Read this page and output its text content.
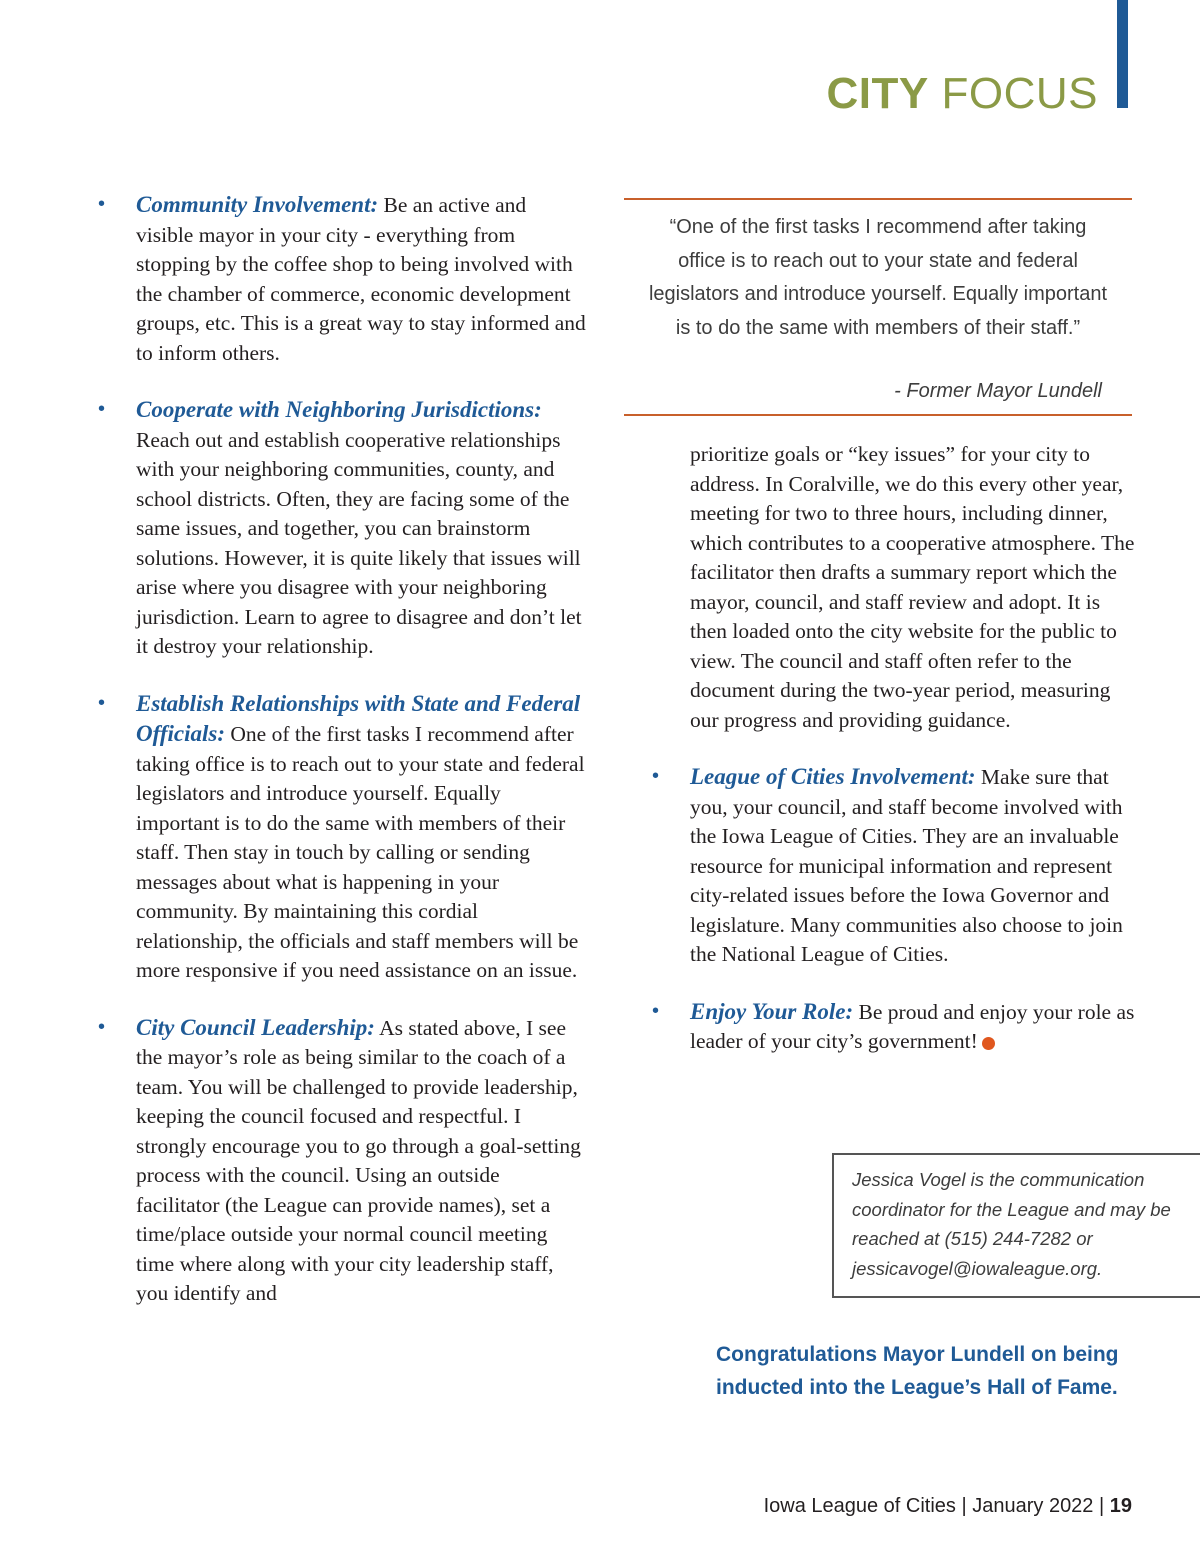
CITY FOCUS
• Community Involvement: Be an active and visible mayor in your city - everything from stopping by the coffee shop to being involved with the chamber of commerce, economic development groups, etc. This is a great way to stay informed and to inform others.
• Cooperate with Neighboring Jurisdictions: Reach out and establish cooperative relationships with your neighboring communities, county, and school districts. Often, they are facing some of the same issues, and together, you can brainstorm solutions. However, it is quite likely that issues will arise where you disagree with your neighboring jurisdiction. Learn to agree to disagree and don’t let it destroy your relationship.
• Establish Relationships with State and Federal Officials: One of the first tasks I recommend after taking office is to reach out to your state and federal legislators and introduce yourself. Equally important is to do the same with members of their staff. Then stay in touch by calling or sending messages about what is happening in your community. By maintaining this cordial relationship, the officials and staff members will be more responsive if you need assistance on an issue.
• City Council Leadership: As stated above, I see the mayor’s role as being similar to the coach of a team. You will be challenged to provide leadership, keeping the council focused and respectful. I strongly encourage you to go through a goal-setting process with the council. Using an outside facilitator (the League can provide names), set a time/place outside your normal council meeting time where along with your city leadership staff, you identify and
“One of the first tasks I recommend after taking office is to reach out to your state and federal legislators and introduce yourself. Equally important is to do the same with members of their staff.”
- Former Mayor Lundell
prioritize goals or “key issues” for your city to address. In Coralville, we do this every other year, meeting for two to three hours, including dinner, which contributes to a cooperative atmosphere. The facilitator then drafts a summary report which the mayor, council, and staff review and adopt. It is then loaded onto the city website for the public to view. The council and staff often refer to the document during the two-year period, measuring our progress and providing guidance.
• League of Cities Involvement: Make sure that you, your council, and staff become involved with the Iowa League of Cities. They are an invaluable resource for municipal information and represent city-related issues before the Iowa Governor and legislature. Many communities also choose to join the National League of Cities.
• Enjoy Your Role: Be proud and enjoy your role as leader of your city’s government!
Jessica Vogel is the communication coordinator for the League and may be reached at (515) 244-7282 or jessicavogel@iowaleague.org.
Congratulations Mayor Lundell on being inducted into the League’s Hall of Fame.
Iowa League of Cities | January 2022 | 19
